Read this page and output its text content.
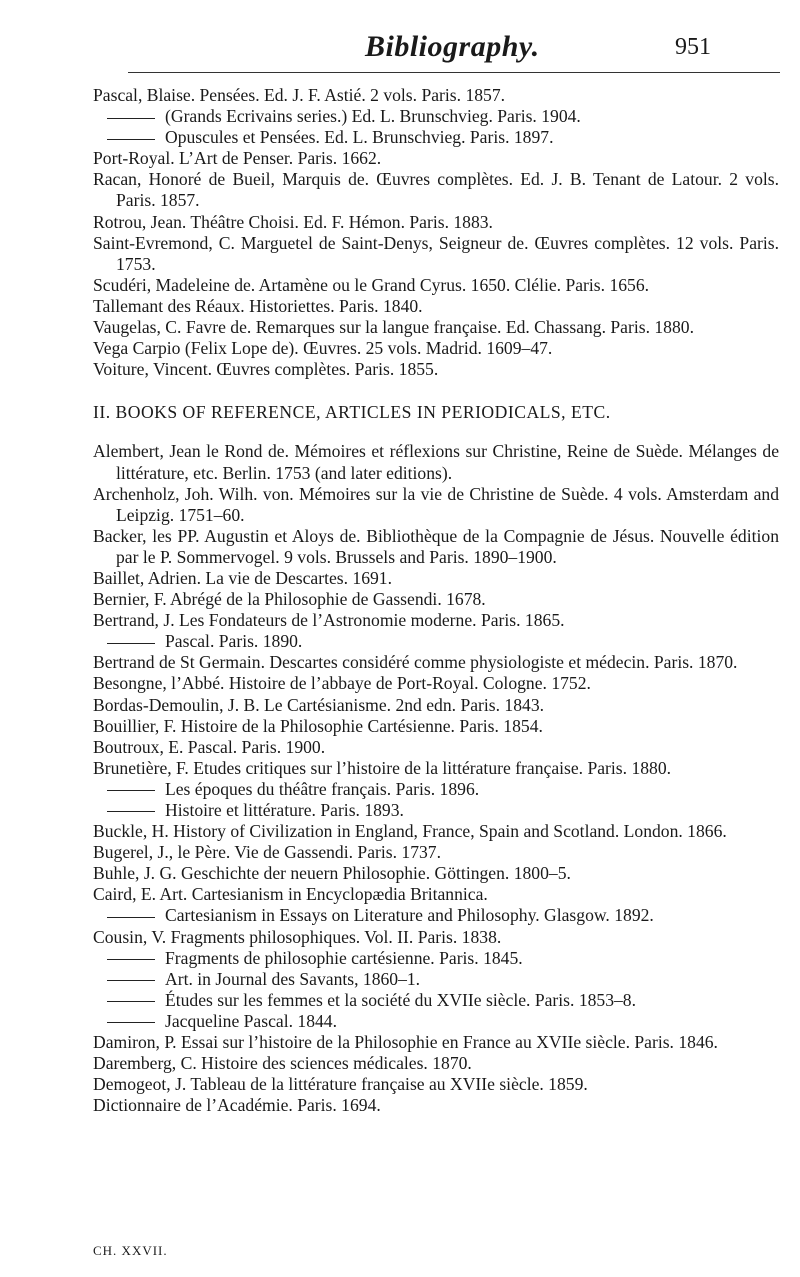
Bibliography.	951

Pascal, Blaise. Pensées. Ed. J. F. Astié. 2 vols. Paris. 1857.

(Grands Ecrivains series.) Ed. L. Brunschvieg. Paris. 1904.

Opuscules et Pensées. Ed. L. Brunschvieg. Paris. 1897.

Port-Royal. L’Art de Penser. Paris. 1662.

Racan, Honoré de Bueil, Marquis de. Œuvres complètes. Ed. J. B. Tenant de Latour. 2 vols. Paris. 1857.

Rotrou, Jean. Théâtre Choisi. Ed. F. Hémon. Paris. 1883.

Saint-Evremond, C. Marguetel de Saint-Denys, Seigneur de. Œuvres complètes. 12 vols. Paris. 1753.

Scudéri, Madeleine de. Artamène ou le Grand Cyrus. 1650. Clélie. Paris. 1656.

Tallemant des Réaux. Historiettes. Paris. 1840.

Vaugelas, C. Favre de. Remarques sur la langue française. Ed. Chassang. Paris. 1880.

Vega Carpio (Felix Lope de). Œuvres. 25 vols. Madrid. 1609–47.

Voiture, Vincent. Œuvres complètes. Paris. 1855.

II. BOOKS OF REFERENCE, ARTICLES IN PERIODICALS, ETC.

Alembert, Jean le Rond de. Mémoires et réflexions sur Christine, Reine de Suède. Mélanges de littérature, etc. Berlin. 1753 (and later editions).

Archenholz, Joh. Wilh. von. Mémoires sur la vie de Christine de Suède. 4 vols. Amsterdam and Leipzig. 1751–60.

Backer, les PP. Augustin et Aloys de. Bibliothèque de la Compagnie de Jésus. Nouvelle édition par le P. Sommervogel. 9 vols. Brussels and Paris. 1890–1900.

Baillet, Adrien. La vie de Descartes. 1691.

Bernier, F. Abrégé de la Philosophie de Gassendi. 1678.

Bertrand, J. Les Fondateurs de l’Astronomie moderne. Paris. 1865.

Pascal. Paris. 1890.

Bertrand de St Germain. Descartes considéré comme physiologiste et médecin. Paris. 1870.

Besongne, l’Abbé. Histoire de l’abbaye de Port-Royal. Cologne. 1752.

Bordas-Demoulin, J. B. Le Cartésianisme. 2nd edn. Paris. 1843.

Bouillier, F. Histoire de la Philosophie Cartésienne. Paris. 1854.

Boutroux, E. Pascal. Paris. 1900.

Brunetière, F. Etudes critiques sur l’histoire de la littérature française. Paris. 1880.

Les époques du théâtre français. Paris. 1896.

Histoire et littérature. Paris. 1893.

Buckle, H. History of Civilization in England, France, Spain and Scotland. London. 1866.

Bugerel, J., le Père. Vie de Gassendi. Paris. 1737.

Buhle, J. G. Geschichte der neuern Philosophie. Göttingen. 1800–5.

Caird, E. Art. Cartesianism in Encyclopædia Britannica.

Cartesianism in Essays on Literature and Philosophy. Glasgow. 1892.

Cousin, V. Fragments philosophiques. Vol. II. Paris. 1838.

Fragments de philosophie cartésienne. Paris. 1845.

Art. in Journal des Savants, 1860–1.

Études sur les femmes et la société du XVIIe siècle. Paris. 1853–8.

Jacqueline Pascal. 1844.

Damiron, P. Essai sur l’histoire de la Philosophie en France au XVIIe siècle. Paris. 1846.

Daremberg, C. Histoire des sciences médicales. 1870.

Demogeot, J. Tableau de la littérature française au XVIIe siècle. 1859.

Dictionnaire de l’Académie. Paris. 1694.

CH. XXVII.
